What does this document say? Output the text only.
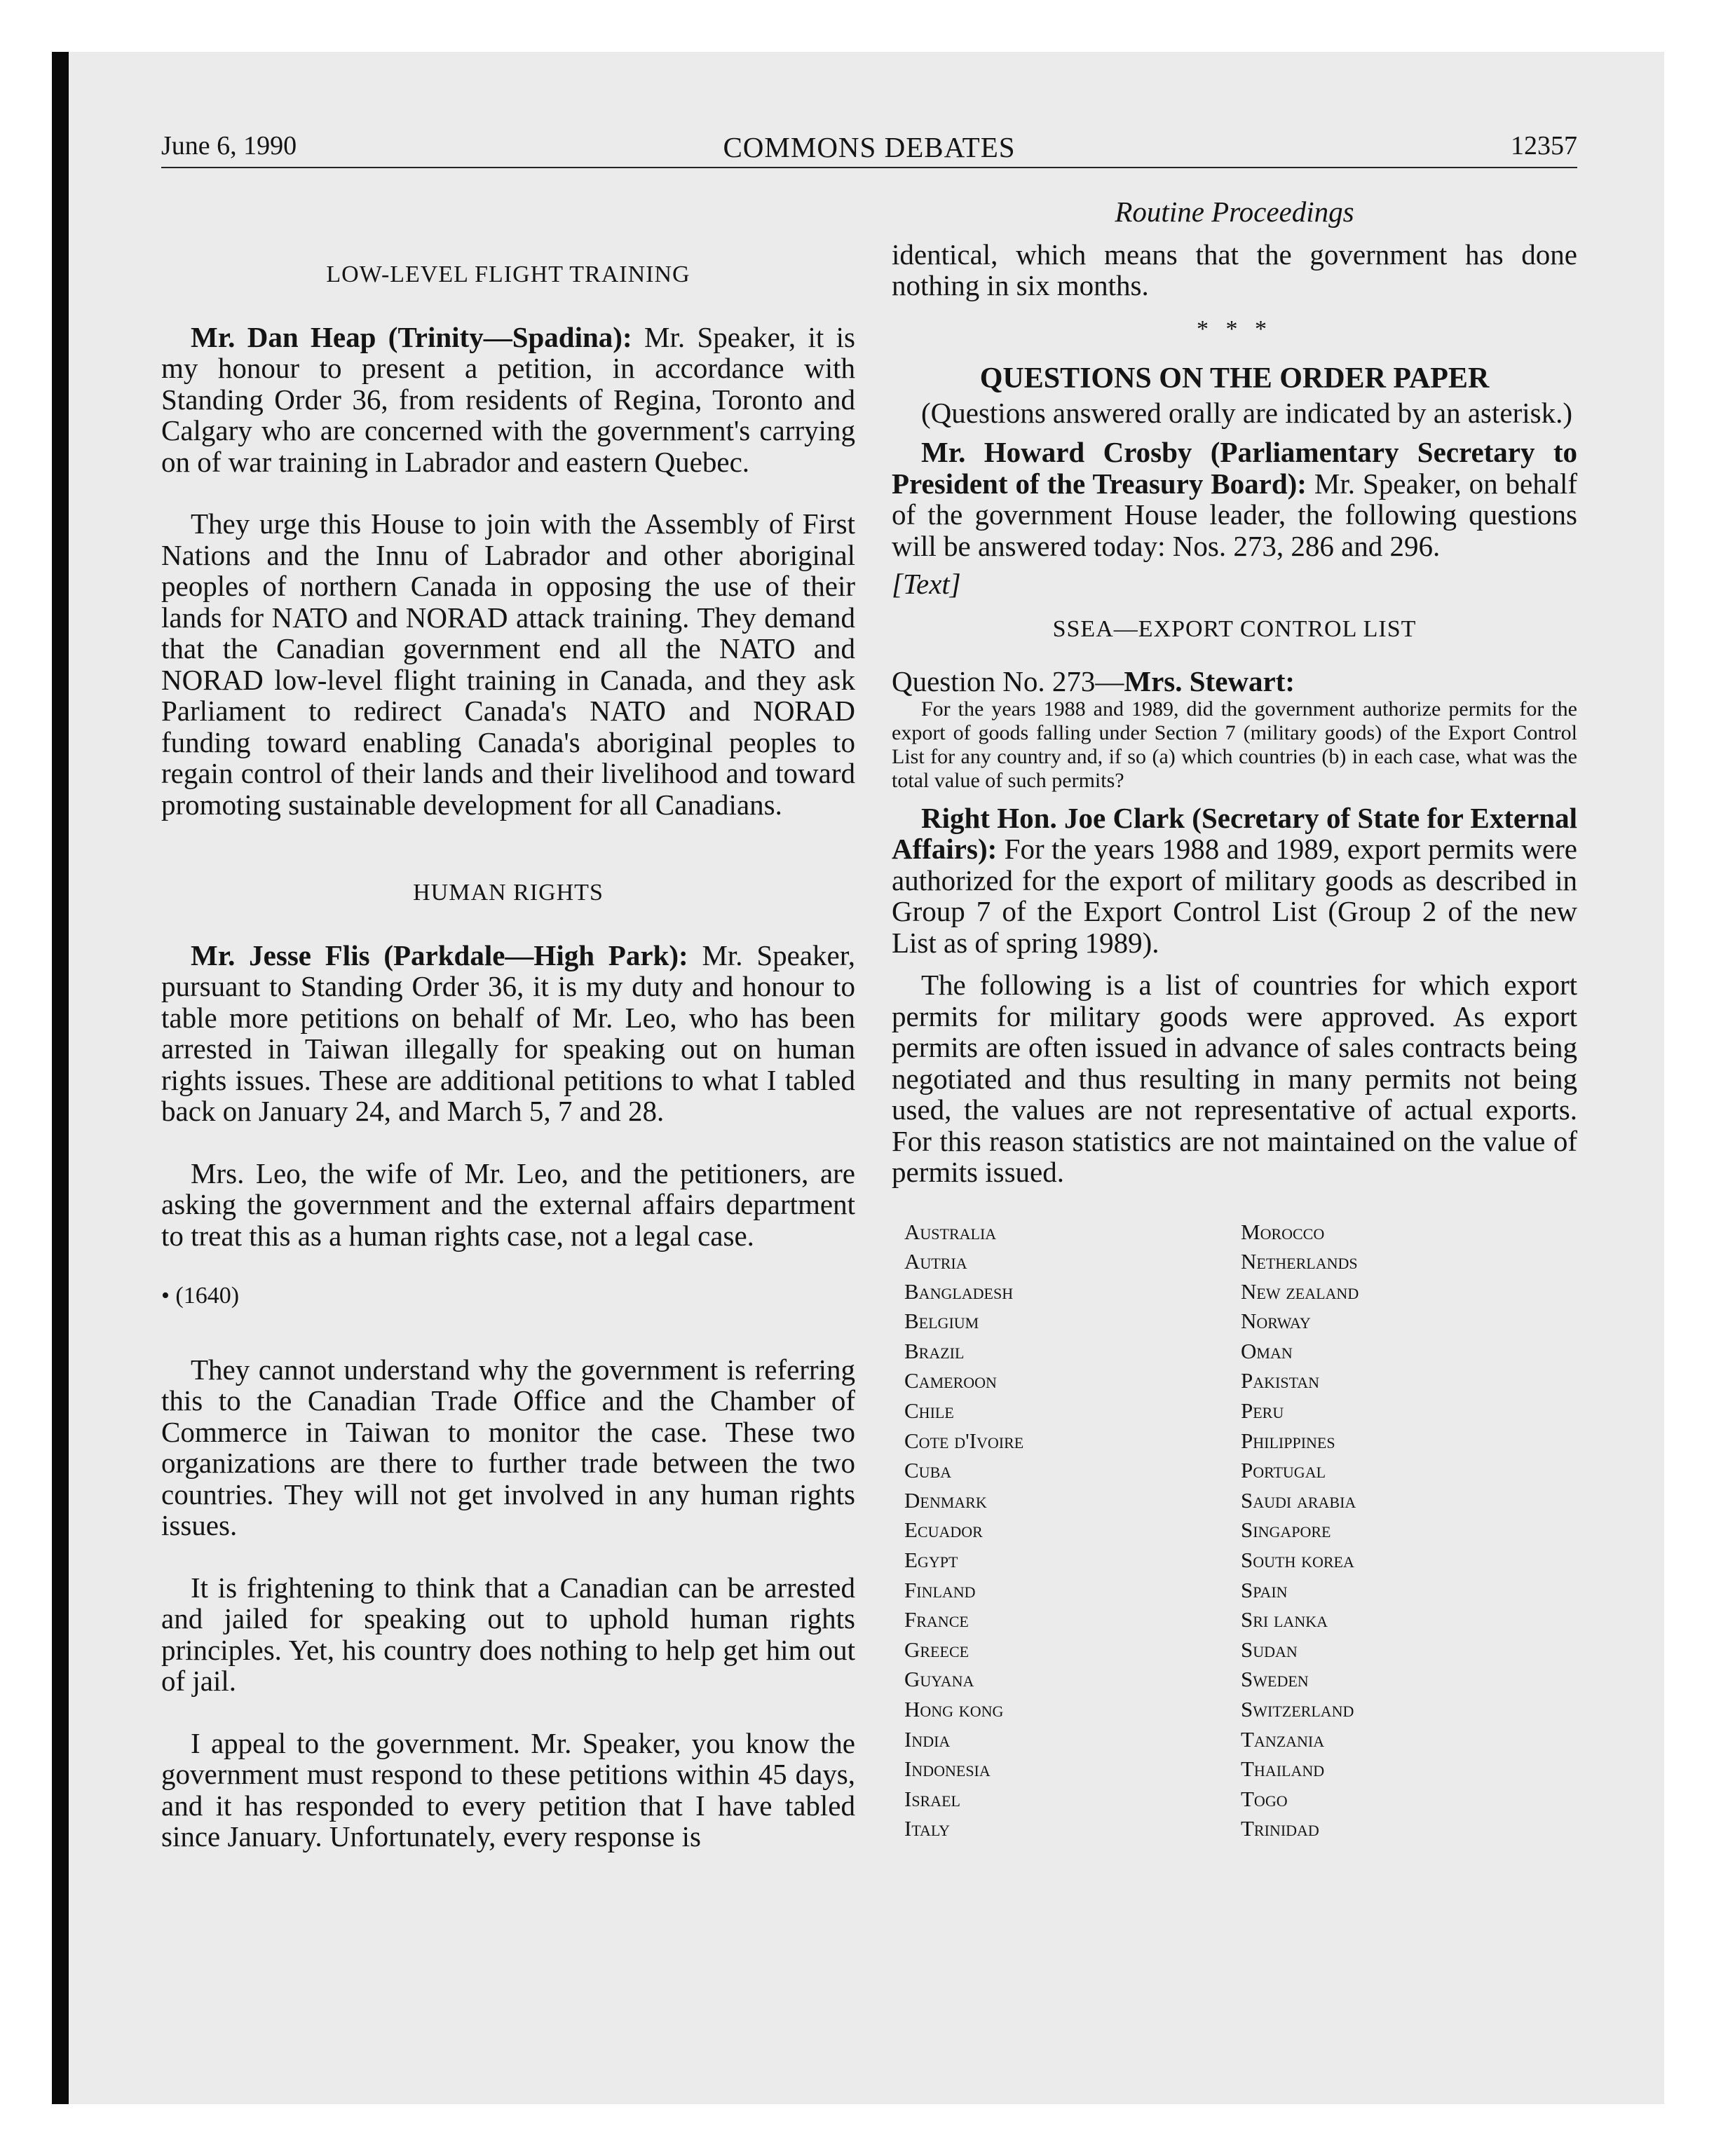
June 6, 1990	COMMONS DEBATES	12357

LOW-LEVEL FLIGHT TRAINING

Mr. Dan Heap (Trinity—Spadina): Mr. Speaker, it is my honour to present a petition, in accordance with Standing Order 36, from residents of Regina, Toronto and Calgary who are concerned with the government's carrying on of war training in Labrador and eastern Quebec.

They urge this House to join with the Assembly of First Nations and the Innu of Labrador and other aboriginal peoples of northern Canada in opposing the use of their lands for NATO and NORAD attack training. They demand that the Canadian government end all the NATO and NORAD low-level flight training in Canada, and they ask Parliament to redirect Canada's NATO and NORAD funding toward enabling Canada's aboriginal peoples to regain control of their lands and their livelihood and toward promoting sustainable development for all Canadians.

HUMAN RIGHTS

Mr. Jesse Flis (Parkdale—High Park): Mr. Speaker, pursuant to Standing Order 36, it is my duty and honour to table more petitions on behalf of Mr. Leo, who has been arrested in Taiwan illegally for speaking out on human rights issues. These are additional petitions to what I tabled back on January 24, and March 5, 7 and 28.

Mrs. Leo, the wife of Mr. Leo, and the petitioners, are asking the government and the external affairs department to treat this as a human rights case, not a legal case.

• (1640)

They cannot understand why the government is referring this to the Canadian Trade Office and the Chamber of Commerce in Taiwan to monitor the case. These two organizations are there to further trade between the two countries. They will not get involved in any human rights issues.

It is frightening to think that a Canadian can be arrested and jailed for speaking out to uphold human rights principles. Yet, his country does nothing to help get him out of jail.

I appeal to the government. Mr. Speaker, you know the government must respond to these petitions within 45 days, and it has responded to every petition that I have tabled since January. Unfortunately, every response is

Routine Proceedings

identical, which means that the government has done nothing in six months.

* * *

QUESTIONS ON THE ORDER PAPER

(Questions answered orally are indicated by an asterisk.)

Mr. Howard Crosby (Parliamentary Secretary to President of the Treasury Board): Mr. Speaker, on behalf of the government House leader, the following questions will be answered today: Nos. 273, 286 and 296.

[Text]

SSEA—EXPORT CONTROL LIST

Question No. 273—Mrs. Stewart:

For the years 1988 and 1989, did the government authorize permits for the export of goods falling under Section 7 (military goods) of the Export Control List for any country and, if so (a) which countries (b) in each case, what was the total value of such permits?

Right Hon. Joe Clark (Secretary of State for External Affairs): For the years 1988 and 1989, export permits were authorized for the export of military goods as described in Group 7 of the Export Control List (Group 2 of the new List as of spring 1989).

The following is a list of countries for which export permits for military goods were approved. As export permits are often issued in advance of sales contracts being negotiated and thus resulting in many permits not being used, the values are not representative of actual exports. For this reason statistics are not maintained on the value of permits issued.

Australia
Autria
Bangladesh
Belgium
Brazil
Cameroon
Chile
Cote d'Ivoire
Cuba
Denmark
Ecuador
Egypt
Finland
France
Greece
Guyana
Hong kong
India
Indonesia
Israel
Italy
Morocco
Netherlands
New zealand
Norway
Oman
Pakistan
Peru
Philippines
Portugal
Saudi arabia
Singapore
South korea
Spain
Sri lanka
Sudan
Sweden
Switzerland
Tanzania
Thailand
Togo
Trinidad
